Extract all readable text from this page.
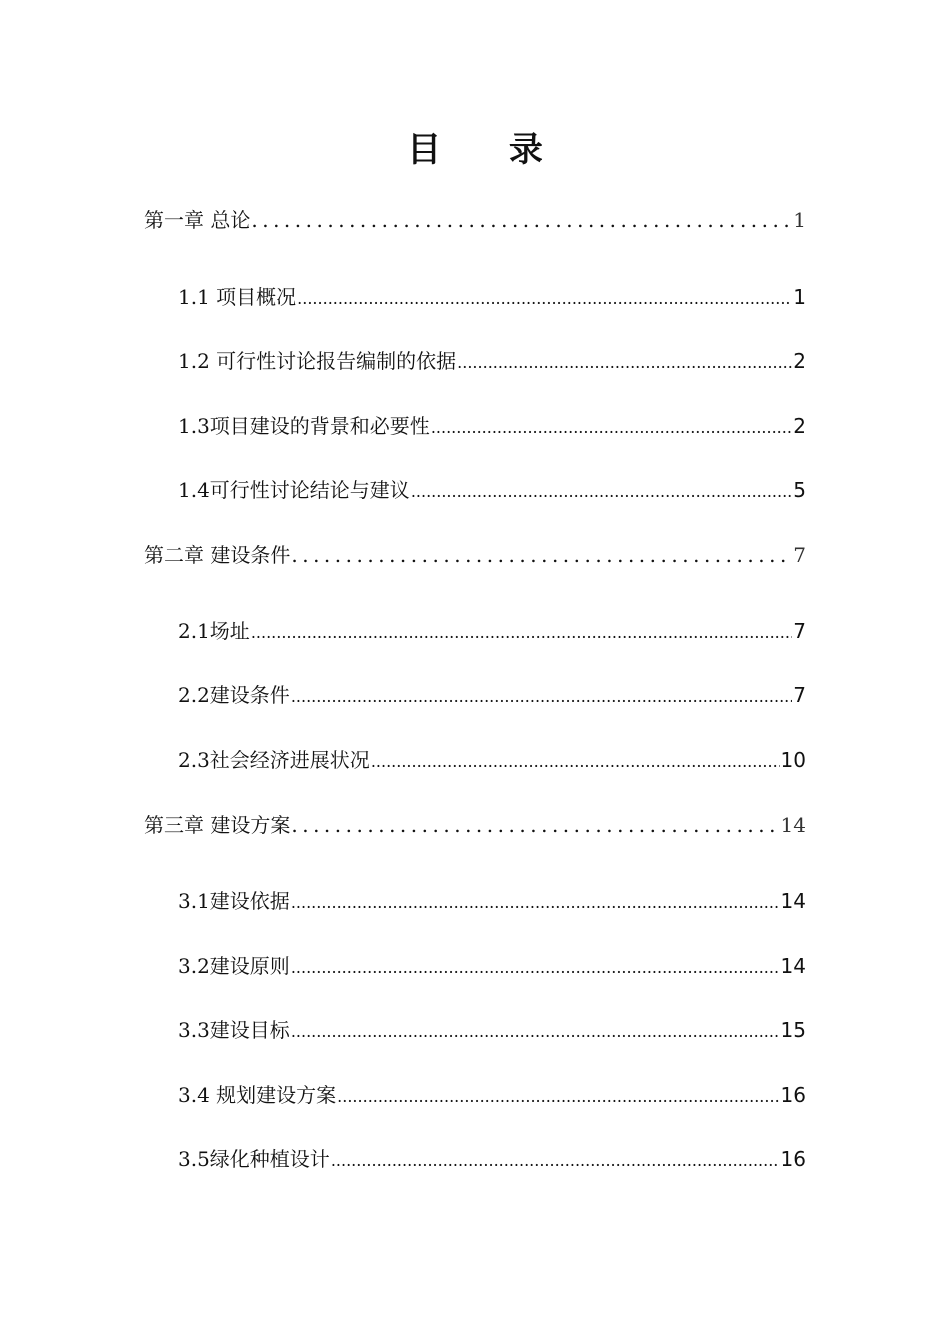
目 录
第一章 总论 .....	1
1.1 项目概况 .....	1
1.2 可行性讨论报告编制的依据 .....	2
1.3项目建设的背景和必要性 .....	2
1.4可行性讨论结论与建议 .....	5
第二章 建设条件 .....	7
2.1场址 .....	7
2.2建设条件 .....	7
2.3社会经济进展状况 .....	10
第三章 建设方案 .....	14
3.1建设依据 .....	14
3.2建设原则 .....	14
3.3建设目标 .....	15
3.4 规划建设方案 .....	16
3.5绿化种植设计 .....	16
